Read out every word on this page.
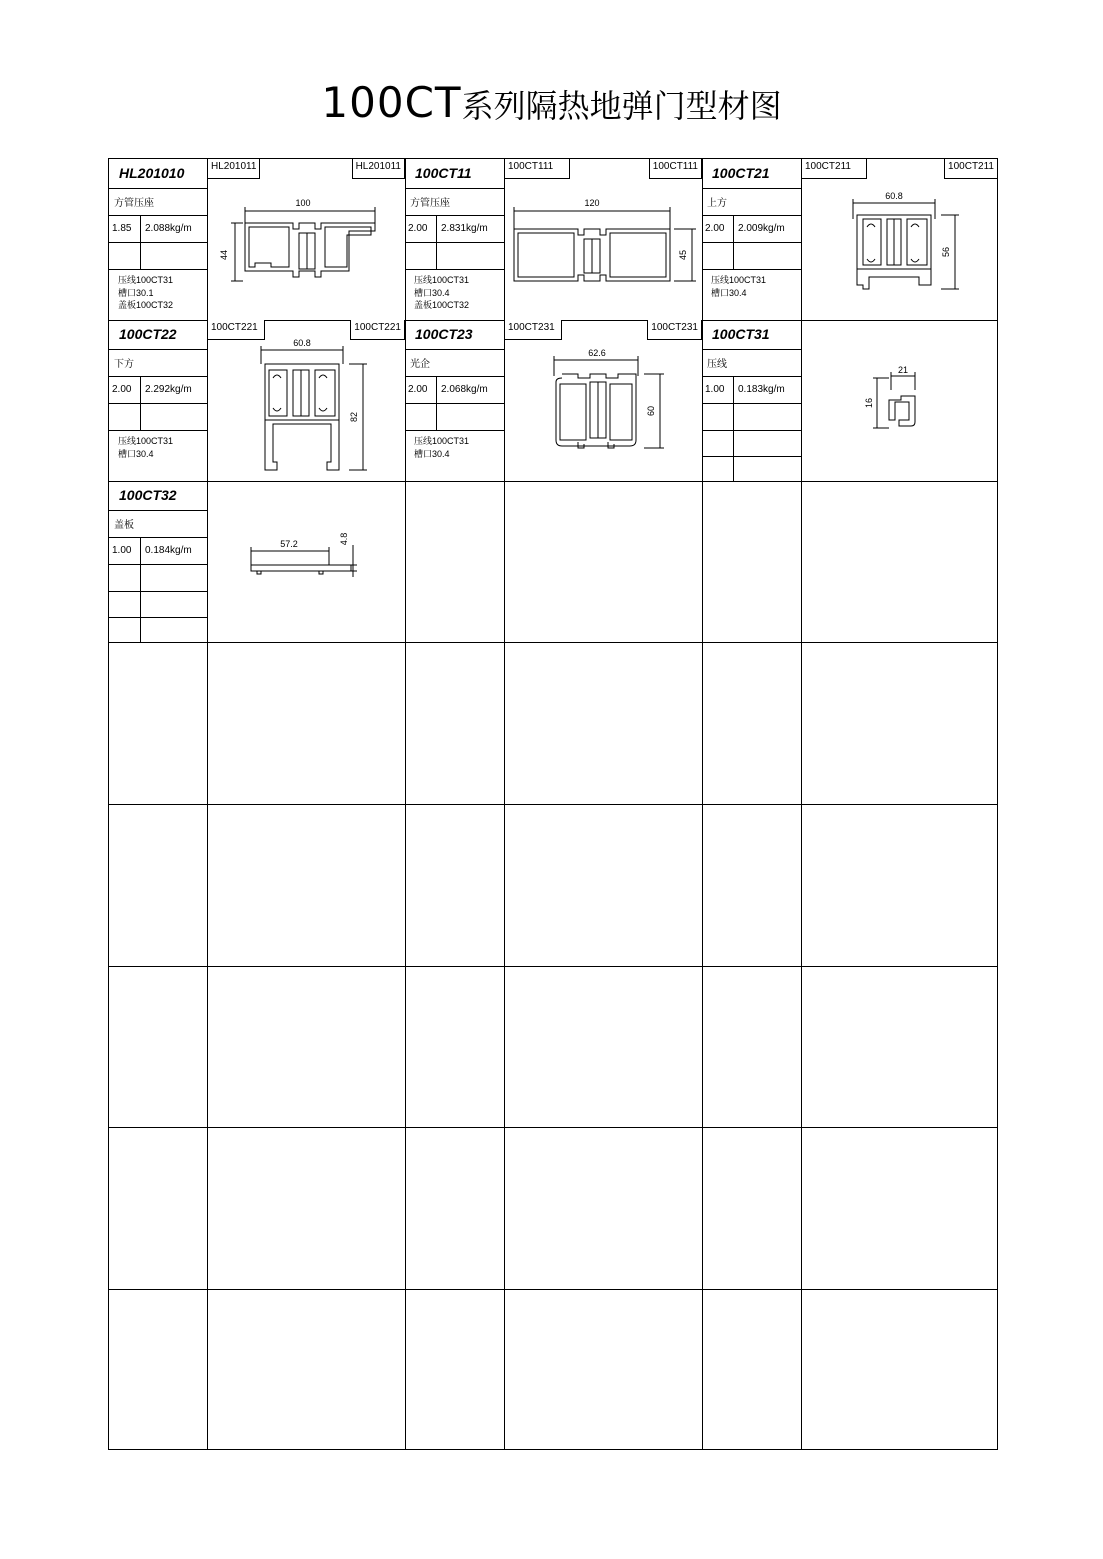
100CT系列隔热地弹门型材图
HL201010
方管压座
1.85 2.088kg/m
压线100CT31
槽口30.1
盖板100CT32
HL201011	HL201011
100
44
100CT11
方管压座
2.00 2.831kg/m
压线100CT31
槽口30.4
盖板100CT32
100CT111	100CT111
120
45
100CT21
上方
2.00 2.009kg/m
压线100CT31
槽口30.4
100CT211	100CT211
60.8
56
100CT22
下方
2.00 2.292kg/m
压线100CT31
槽口30.4
100CT221	100CT221
60.8
82
100CT23
光企
2.00 2.068kg/m
压线100CT31
槽口30.4
100CT231	100CT231
62.6
60
100CT31
压线
1.00 0.183kg/m
21
16
100CT32
盖板
1.00 0.184kg/m
57.2	4.8
